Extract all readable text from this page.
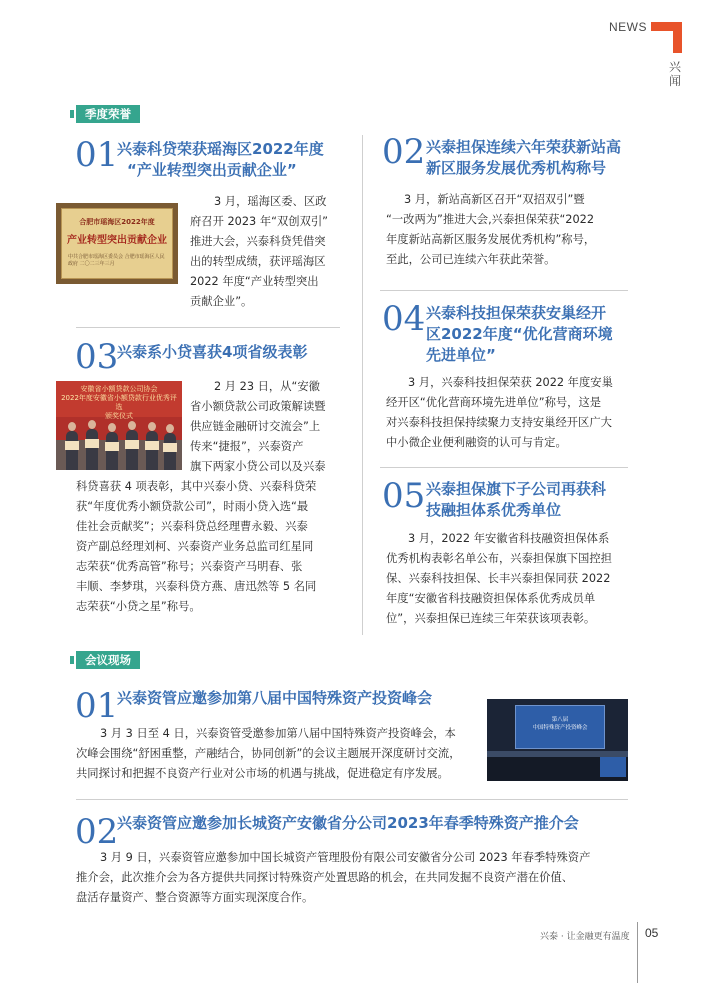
NEWS
兴闻
季度荣誉
01
兴泰科贷荣获瑶海区2022年度
“产业转型突出贡献企业”
合肥市瑶海区2022年度
产业转型突出贡献企业
中共合肥市瑶海区委员会 合肥市瑶海区人民政府 二〇二三年三月
3 月，瑶海区委、区政
府召开 2023 年“双创双引”
推进大会，兴泰科贷凭借突
出的转型成绩，获评瑶海区
2022 年度“产业转型突出
贡献企业”。
03
兴泰系小贷喜获4项省级表彰
安徽省小额贷款公司协会
2022年度安徽省小额贷款行业优秀评选
颁奖仪式
2 月 23 日，从“安徽
省小额贷款公司政策解读暨
供应链金融研讨交流会”上
传来“捷报”，兴泰资产
旗下两家小贷公司以及兴泰
科贷喜获 4 项表彰，其中兴泰小贷、兴泰科贷荣
获“年度优秀小额贷款公司”，时雨小贷入选“最
佳社会贡献奖”；兴泰科贷总经理曹永毅、兴泰
资产副总经理刘柯、兴泰资产业务总监司红星同
志荣获“优秀高管”称号；兴泰资产马明春、张
丰顺、李梦琪，兴泰科贷方燕、唐迅然等 5 名同
志荣获“小贷之星”称号。
02 兴泰担保连续六年荣获新站高
新区服务发展优秀机构称号
3 月，新站高新区召开“双招双引”暨
“一改两为”推进大会,兴泰担保荣获“2022
年度新站高新区服务发展优秀机构”称号，
至此，公司已连续六年获此荣誉。
04 兴泰科技担保荣获安巢经开
区2022年度“优化营商环境
先进单位”
3 月，兴泰科技担保荣获 2022 年度安巢
经开区“优化营商环境先进单位”称号，这是
对兴泰科技担保持续聚力支持安巢经开区广大
中小微企业便利融资的认可与肯定。
05 兴泰担保旗下子公司再获科
技融担体系优秀单位
3 月，2022 年安徽省科技融资担保体系
优秀机构表彰名单公布，兴泰担保旗下国控担
保、兴泰科技担保、长丰兴泰担保同获 2022
年度“安徽省科技融资担保体系优秀成员单
位”，兴泰担保已连续三年荣获该项表彰。
会议现场
01
兴泰资管应邀参加第八届中国特殊资产投资峰会
3 月 3 日至 4 日，兴泰资管受邀参加第八届中国特殊资产投资峰会，本
次峰会围绕“舒困重整，产融结合，协同创新”的会议主题展开深度研讨交流，
共同探讨和把握不良资产行业对公市场的机遇与挑战，促进稳定有序发展。
第八届
中国特殊资产投资峰会
02
兴泰资管应邀参加长城资产安徽省分公司2023年春季特殊资产推介会
3 月 9 日，兴泰资管应邀参加中国长城资产管理股份有限公司安徽省分公司 2023 年春季特殊资产
推介会，此次推介会为各方提供共同探讨特殊资产处置思路的机会，在共同发掘不良资产潜在价值、
盘活存量资产、整合资源等方面实现深度合作。
兴泰 · 让金融更有温度 05
